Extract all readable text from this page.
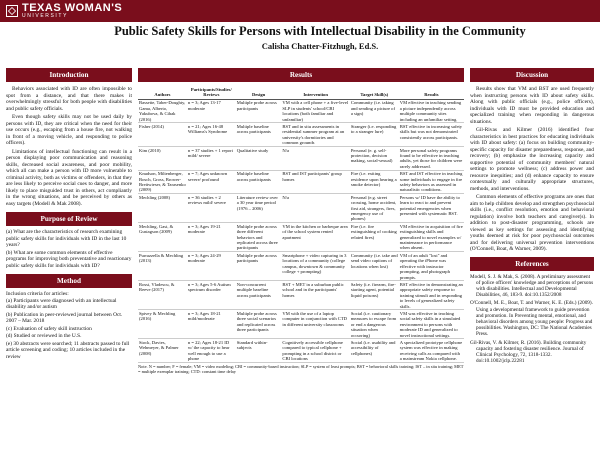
TEXAS WOMAN'S
UNIVERSITY
Public Safety Skills for Persons with Intellectual Disability in the Community
Calisha Chatter-Fitzhugh, Ed.S.
Introduction

Behaviors associated with ID are often impossible to spot from a distance, and that there makes it overwhelmingly stressful for both people with disabilities and public safety officials.

Even though safety skills may not be used daily by persons with ID, they are critical when the need for their use occurs (e.g., escaping from a house fire, not walking in front of a moving vehicle, and responding to police officers).

Limitations of intellectual functioning can result in a person displaying poor communication and reasoning skills, decreased social awareness, and poor mobility, which all can make a person with ID more vulnerable to criminal activity, both as victims or offenders, in that they are less likely to perceive social cues to danger, and more likely to place misguided trust in others, act compliantly in the wrong situations, and be perceived by others as easy targets (Modell & Mak 2008).

Purpose of Review
(a) What are the characteristics of research examining public safety skills for individuals with ID in the last 10 years?
(b) What are some common elements of effective programs for improving both preventative and reactionary public safety skills for individuals with ID?
Method
Inclusion criteria for articles:
(a) Participants were diagnosed with an intellectual disability and/or autism
(b) Publication in peer-reviewed journal between Oct. 2007 – Mar. 2018
(c) Evaluation of safety skill instruction
(d) Studied or reviewed in the U.S.
(e) 30 abstracts were searched; 11 abstracts passed to full article screening and coding; 10 articles included in the review
Results
Authors	Participants/Studies/ Reviews	Design	Intervention	Target Skill(s)	Results
Bassette, Taber-Doughty, Gama, Alberto, Yakubova, & Cihak (2016)	n = 3; Ages 13-17 moderate	Multiple probe across participants	VM with a cell phone + a five-level SLP in students' school/CBI locations (both familiar and unfamiliar)	Community (i.e. taking and sending a picture of a sign)	VM effective in teaching sending a picture independently across multiple community sites including an unfamiliar setting.
Fisher (2014)	n = 21; Ages 16-48 Williams's Syndrome	Multiple baseline across participants	BST and in situ assessments in residential summer program at an university's dormitories and common grounds	Stranger (i.e. responding to a stranger lure)	BST effective in increasing safety skills but was not demonstrated consistently across participants.
Kim (2010)	n = 37 studies + 1 report mild/ severe	Qualitative study	N/a	Personal (e. g. self-protection, decision making, social-sexual)	More personal safety programs found to be effective in teaching adults, yet those for children were rarely addressed.
Knudson, Miltenberger, Bosch, Gross, Brower-Breitwieser, & Tarasenko (2009)	n = 7; Ages unknown severe/ profound	Multiple baseline across participants	BST and IST participants' group homes	Fire (i.e. exiting residence upon hearing a smoke detector)	BST and IST effective in teaching some individuals to engage in fire safety behaviors as assessed in naturalistic conditions.
Mechling (2008)	n = 36 studies + 2 reviews mild/ severe	Literature review over a 30 year time period (1976 – 2006)	N/a	Personal (e.g. street crossing, home accident, first aid, strangers, fires, emergency use of phones)	Persons w/ ID have the ability to learn to react to and prevent potential emergencies when presented with systematic BST.
Mechling, Gast, & Gustagson (2009)	n = 3; Ages 19-21 moderate	Multiple probe across three different behaviors and replicated across three participants	VM in the kitchen or barbeque area of the school system rented apartment	Fire (i.e. fire extinguishing of cooking related fires)	VM effective in acquisition of fire extinguishing skills and generalized to novel examples w/ maintenance in performance when absent.
Purrazzella & Mechling (2013)	n = 3; Ages 24-29 moderate	Multiple probe across participants	Smartphone + video capturing in 3 locations of a community (college campus, downtown & community college + prompting)	Community (i.e. take and send video captions of locations when lost)	VM of an adult "lost" and operating the iPhone was effective with instructor prompting, and photograph prompts.
Rossi, Vladescu, & Reeve (2017)	n = 3; Ages 5-6 Autism spectrum disorder	Non-concurrent multiple baseline across participants	BST + MET in a suburban public school and in the participants' homes	Safety (i.e. firearm, fire-starting agent, potential liquid poisons)	BST effective in demonstrating an appropriate safety response to training stimuli and in responding to levels of generalized safety skills.
Spivey & Mechling (2016)	n = 3; Ages 18-21 mild/moderate	Multiple probe across three social scenarios and replicated across three participants	VM with the use of a laptop computer in conjunction with CTD in different university classrooms	Social (i.e. cautionary measures to escape from or end a dangerous situation when occurring)	VM was effective in teaching social safety skills in a simulated environment to persons with moderate ID and generalized to novel instructional settings.
Stock, Davies, Wehmeyer, & Palmer (2008)	n = 22; Ages 18-21 ID w/ the capacity to hear well enough to use a phone	Standard within-subjects	Cognitively accessible cellphone compared to typical cellphone + prompting in a school district or CBI locations	Social (i.e. usability and accessibility of cellphones)	A specialized prototype cellphone system was effective in making receiving calls as compared with a mainstream Nokia cellphone.
Note. N = number; F = female; VM = video modeling; CBI = community-based instruction; SLP = system of least prompts; BST = behavioral skills training; IST – in situ training; MET = multiple exemplar training; CTD: constant time delay
Discussion

Results show that VM and BST are used frequently when instructing persons with ID about safety skills. Along with public officials (e.g., police officers), individuals with ID must be provided education and specialized training when responding in dangerous situations.

Gil-Rivas and Kilmer (2016) identified four characteristics in best practices for educating individuals with ID about safety: (a) focus on building community-specific capacity for disaster preparedness, response, and recovery; (b) emphasize the increasing capacity and supportive potential of community members' natural settings to promote wellness; (c) address power and resource inequities; and (d) enhance capacity to ensure contextually and culturally appropriate structures, methods, and interventions.

Common elements of effective programs are ones that aim to help children develop and strengthen psychosocial skills (i.e., conflict resolution, emotion and behavioral regulation) involve both teachers and caregiver(s). In addition to post-disaster programming, schools are viewed as key settings for assessing and identifying youths deemed at risk for poor psychosocial outcomes and for delivering universal prevention interventions (O'Connell, Boat, & Warner, 2009).

References

Modell, S. J. & Mak, S. (2008). A preliminary assessment of police officers' knowledge and perceptions of persons with disabilities. Intellectual and Developmental Disabilities, 46, 183-9. doi:10.1352/2008

O'Connell, M. E., Boat, T. and Warner, K. E. (Eds.) (2009). Using a developmental framework to guide prevention and promotion. In Preventing mental, emotional, and behavioral disorders among young people: Progress and possibilities. Washington, DC: The National Academies Press.

Gil-Rivas, V. & Kilmer, R. (2016). Building community capacity and fostering disaster resilience. Journal of Clinical Psychology, 72, 1318-1332. doi:10.1002/jclp.22281
